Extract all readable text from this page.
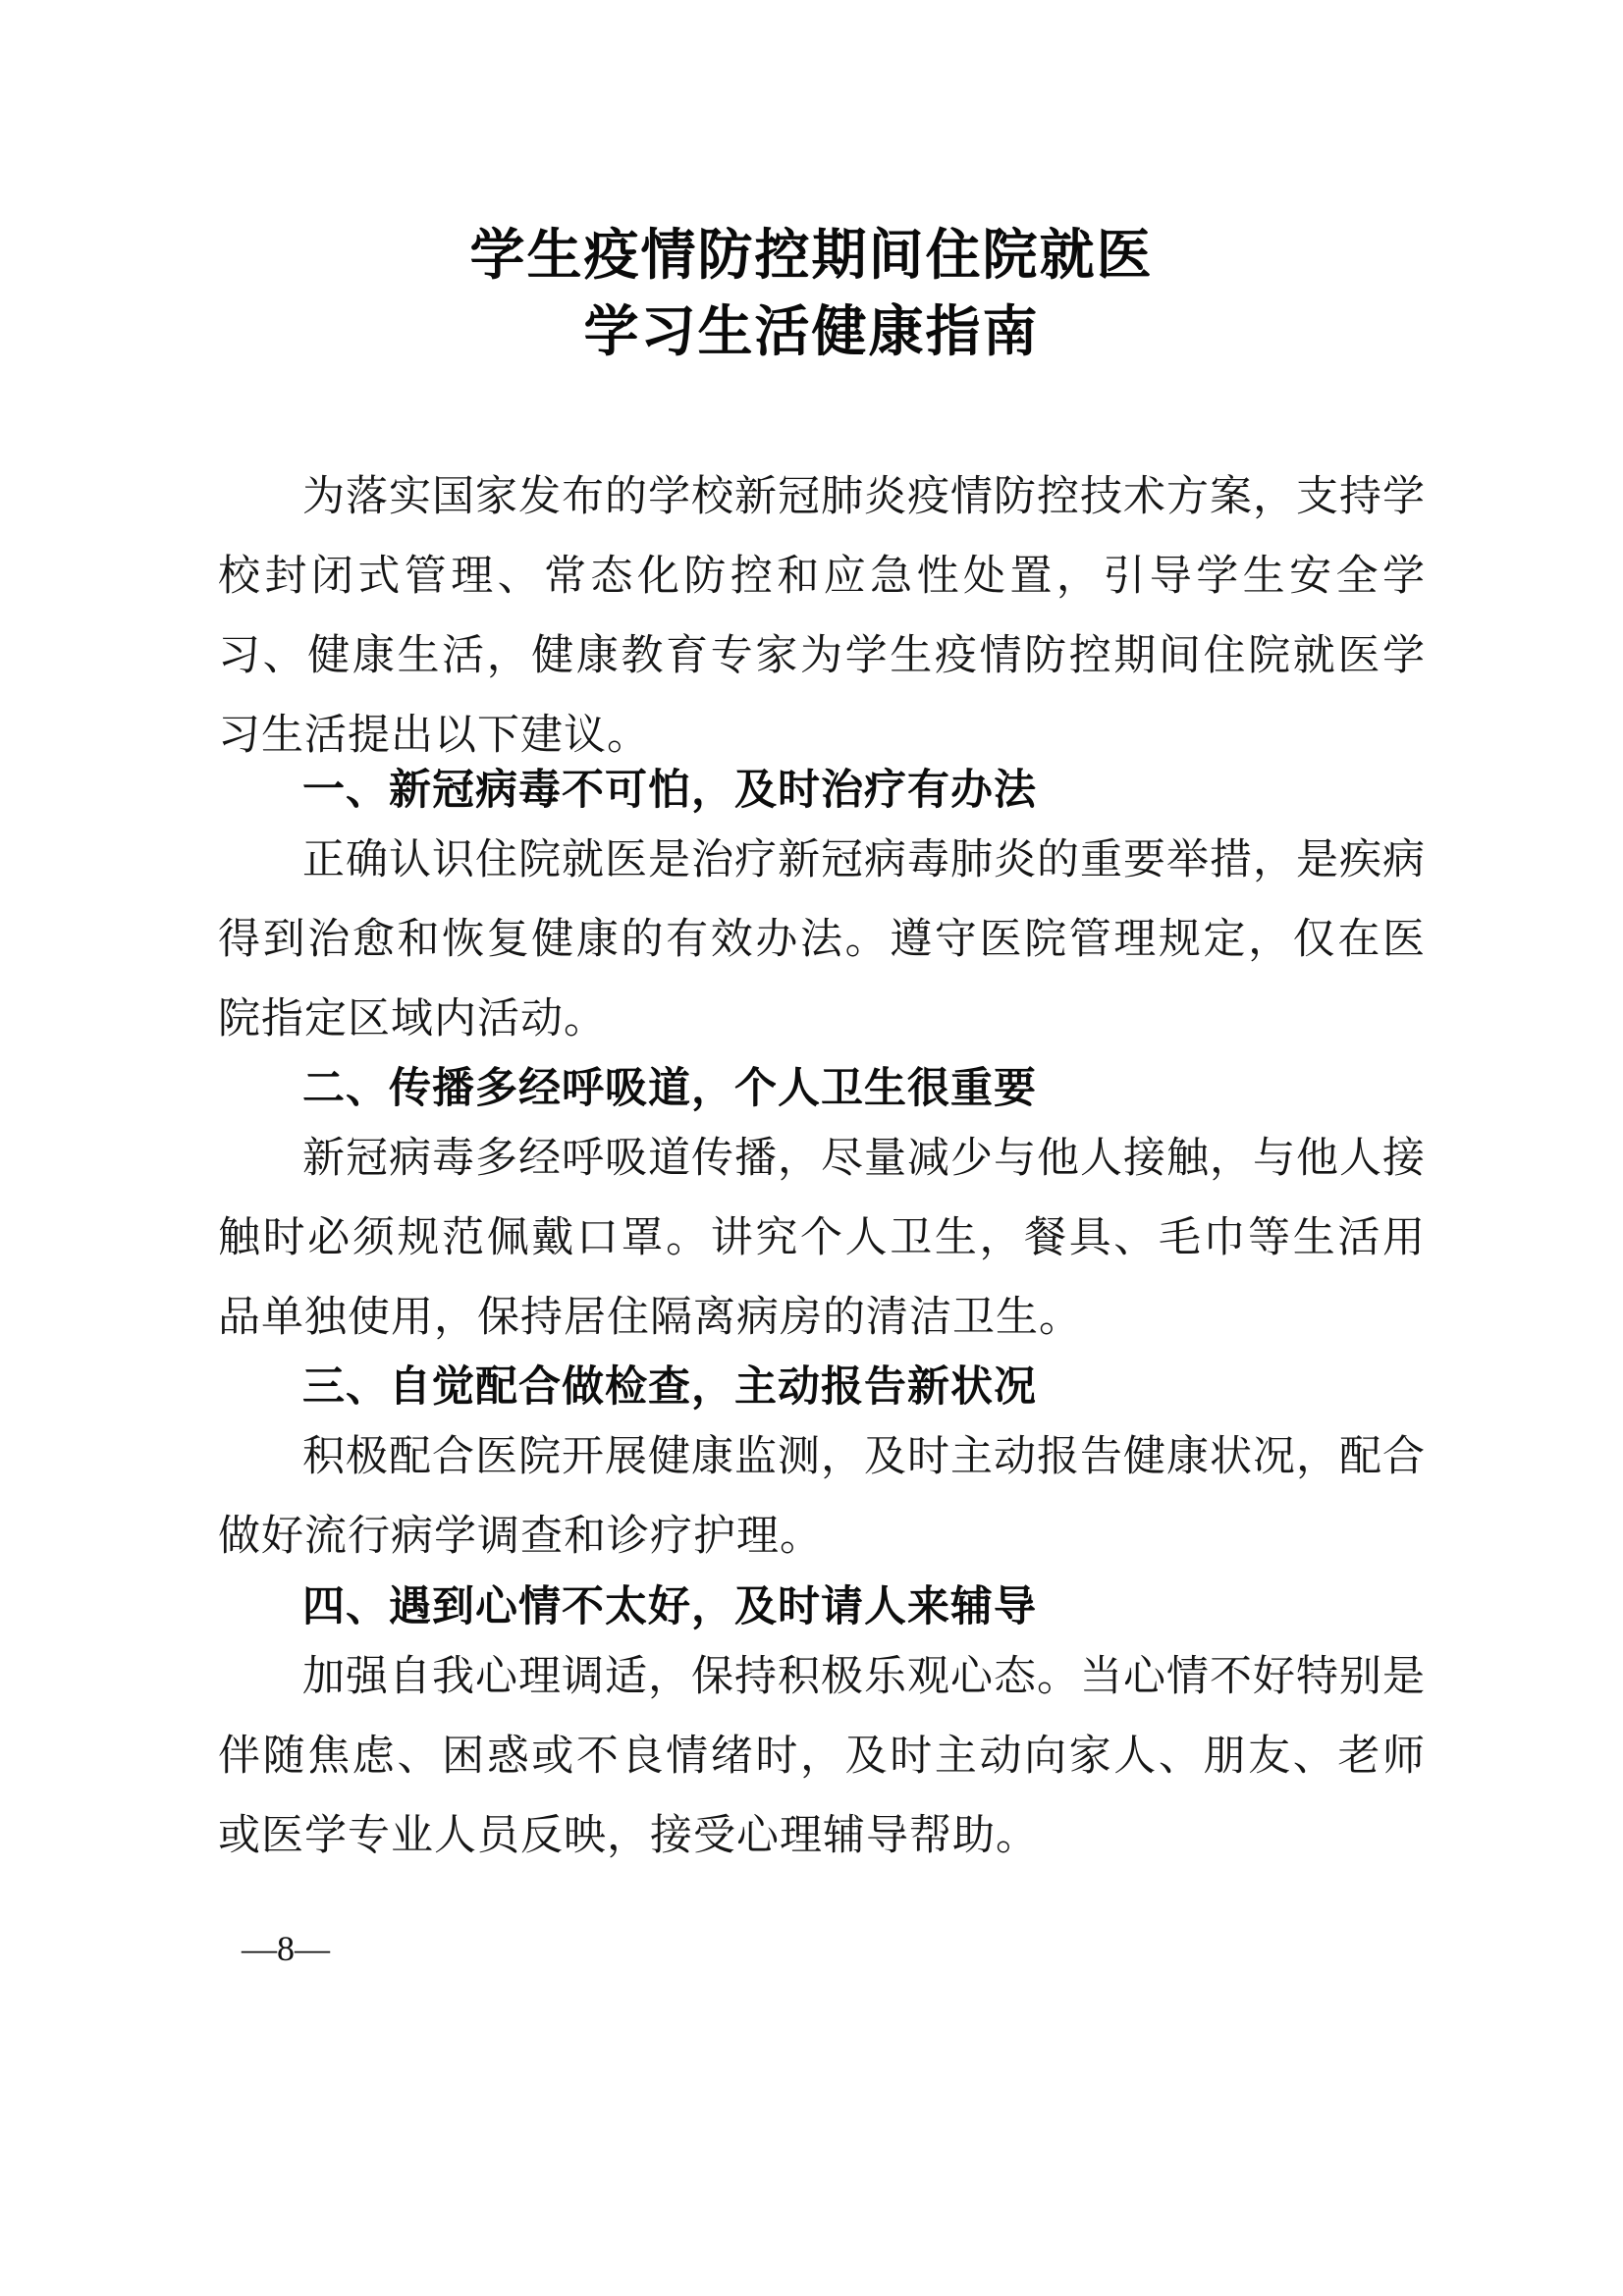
学生疫情防控期间住院就医
学习生活健康指南

为落实国家发布的学校新冠肺炎疫情防控技术方案，支持学校封闭式管理、常态化防控和应急性处置，引导学生安全学习、健康生活，健康教育专家为学生疫情防控期间住院就医学习生活提出以下建议。

一、新冠病毒不可怕，及时治疗有办法

正确认识住院就医是治疗新冠病毒肺炎的重要举措，是疾病得到治愈和恢复健康的有效办法。遵守医院管理规定，仅在医院指定区域内活动。

二、传播多经呼吸道，个人卫生很重要

新冠病毒多经呼吸道传播，尽量减少与他人接触，与他人接触时必须规范佩戴口罩。讲究个人卫生，餐具、毛巾等生活用品单独使用，保持居住隔离病房的清洁卫生。

三、自觉配合做检查，主动报告新状况

积极配合医院开展健康监测，及时主动报告健康状况，配合做好流行病学调查和诊疗护理。

四、遇到心情不太好，及时请人来辅导

加强自我心理调适，保持积极乐观心态。当心情不好特别是伴随焦虑、困惑或不良情绪时，及时主动向家人、朋友、老师或医学专业人员反映，接受心理辅导帮助。

—8—
